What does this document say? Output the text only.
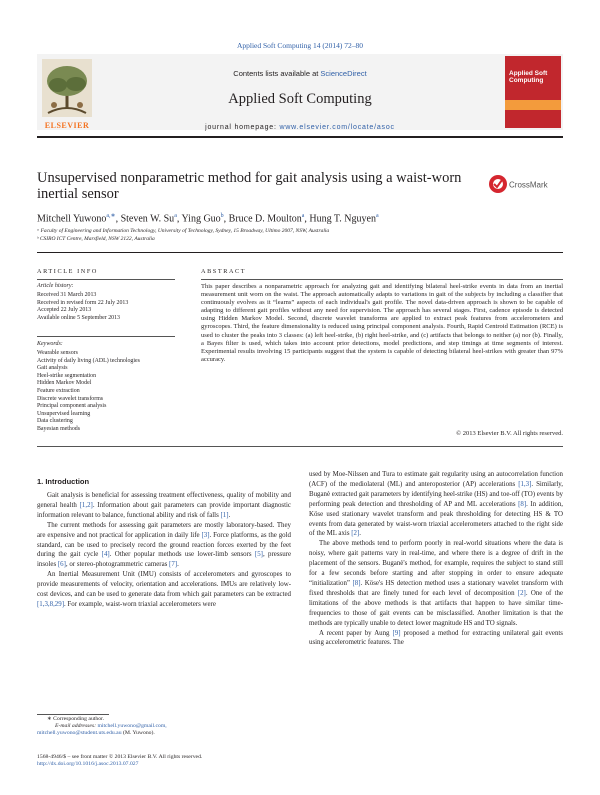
Applied Soft Computing 14 (2014) 72–80
ELSEVIER
Contents lists available at ScienceDirect
Applied Soft Computing
journal homepage: www.elsevier.com/locate/asoc
Applied Soft Computing
Unsupervised nonparametric method for gait analysis using a waist-worn inertial sensor
CrossMark
Mitchell Yuwono$^{a,∗}$, Steven W. Su$^a$, Ying Guo$^b$, Bruce D. Moulton$^a$, Hung T. Nguyen$^a$
ᵃ Faculty of Engineering and Information Technology, University of Technology, Sydney, 15 Broadway, Ultimo 2007, NSW, Australia
ᵇ CSIRO ICT Centre, Marsfield, NSW 2122, Australia
ARTICLE INFO
Article history:
Received 31 March 2013
Received in revised form 22 July 2013
Accepted 22 July 2013
Available online 5 September 2013
Keywords:
Wearable sensors
Activity of daily living (ADL) technologies
Gait analysis
Heel-strike segmentation
Hidden Markov Model
Feature extraction
Discrete wavelet transforms
Principal component analysis
Unsupervised learning
Data clustering
Bayesian methods
ABSTRACT
This paper describes a nonparametric approach for analyzing gait and identifying bilateral heel-strike events in data from an inertial measurement unit worn on the waist. The approach automatically adapts to variations in gait of the subjects by including a classifier that continuously evolves as it “learns” aspects of each individual's gait profile. The novel data-driven approach is shown to be capable of adapting to different gait profiles without any need for supervision. The approach has several stages. First, cadence episode is detected using Hidden Markov Model. Second, discrete wavelet transforms are applied to extract peak features from accelerometers and gyroscopes. Third, the feature dimensionality is reduced using principal component analysis. Fourth, Rapid Centroid Estimation (RCE) is used to cluster the peaks into 3 classes: (a) left heel-strike, (b) right heel-strike, and (c) artifacts that belongs to neither (a) nor (b). Finally, a Bayes filter is used, which takes into account prior detections, model predictions, and step timings at time segments of interest. Experimental results involving 15 participants suggest that the system is capable of detecting bilateral heel-strikes with greater than 97% accuracy.
© 2013 Elsevier B.V. All rights reserved.
1. Introduction

Gait analysis is beneficial for assessing treatment effectiveness, quality of mobility and general health [1,2]. Information about gait parameters can provide important diagnostic information relevant to balance, functional ability and risk of falls [1].

The current methods for assessing gait parameters are mostly laboratory-based. They are expensive and not practical for application in daily life [3]. Force platforms, as the gold standard, can be used to precisely record the ground reaction forces exerted by the feet during the gait cycle [4]. Other popular methods use lower-limb sensors [5], pressure insoles [6], or stereo-photogrammetric cameras [7].

An Inertial Measurement Unit (IMU) consists of accelerometers and gyroscopes to provide measurements of velocity, orientation and accelerations. IMUs are relatively low-cost devices, and can be used to generate data from which gait parameters can be extracted [1,3,8,29]. For example, waist-worn triaxial accelerometers were

used by Moe-Nilssen and Tura to estimate gait regularity using an autocorrelation function (ACF) of the mediolateral (ML) and anteroposterior (AP) accelerations [1,3]. Similarly, Buganè extracted gait parameters by identifying heel-strike (HS) and toe-off (TO) events by performing peak detection and thresholding of AP and ML accelerations [8]. In addition, Köse used stationary wavelet transform and peak thresholding for detecting HS & TO events from data generated by waist-worn triaxial accelerometers attached to the right side of the ML axis [2].

The above methods tend to perform poorly in real-world situations where the data is noisy, where gait patterns vary in real-time, and where there is a degree of drift in the placement of the sensors. Buganè's method, for example, requires the subject to stand still for a few seconds before starting and after stopping in order to ensure adequate “initialization” [8]. Köse's HS detection method uses a stationary wavelet transform with fixed thresholds that are finely tuned for each level of decomposition [2]. One of the limitations of the above methods is that artifacts that happen to have similar time-frequencies to those of gait events can be misclassified. Another limitation is that the methods are typically unable to detect lower magnitude HS and TO signals.

A recent paper by Aung [9] proposed a method for extracting unilateral gait events using accelerometric features. The

∗ Corresponding author.
E-mail addresses: mitchell.yuwono@gmail.com,
mitchell.yuwono@student.uts.edu.au (M. Yuwono).
1568-4946/$ – see front matter © 2013 Elsevier B.V. All rights reserved.
http://dx.doi.org/10.1016/j.asoc.2013.07.027
